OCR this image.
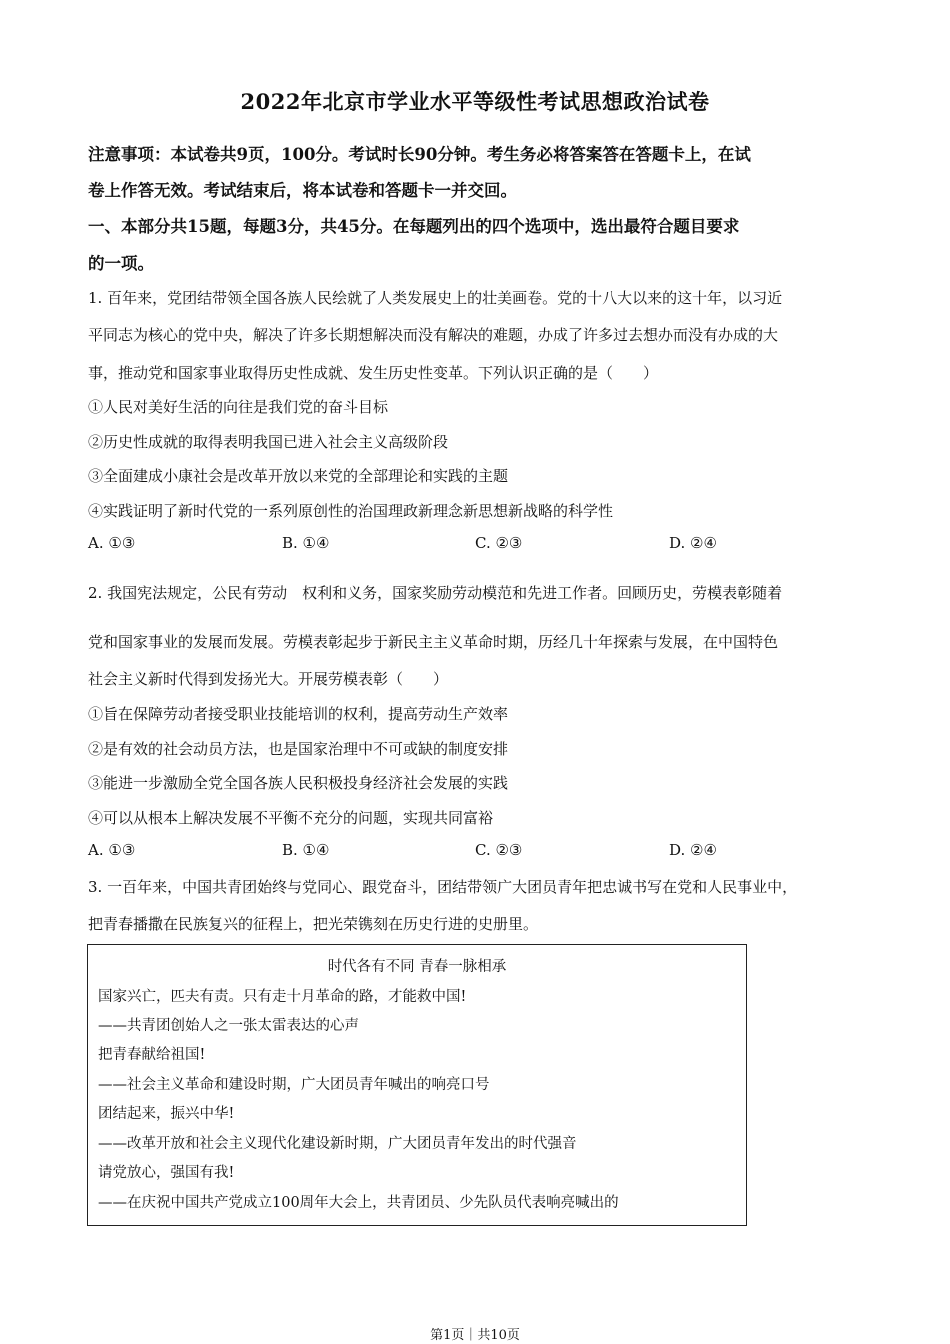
2022年北京市学业水平等级性考试思想政治试卷
注意事项：本试卷共9页，100分。考试时长90分钟。考生务必将答案答在答题卡上，在试
卷上作答无效。考试结束后，将本试卷和答题卡一并交回。
一、本部分共15题，每题3分，共45分。在每题列出的四个选项中，选出最符合题目要求
的一项。
1. 百年来，党团结带领全国各族人民绘就了人类发展史上的壮美画卷。党的十八大以来的这十年，以习近
平同志为核心的党中央，解决了许多长期想解决而没有解决的难题，办成了许多过去想办而没有办成的大
事，推动党和国家事业取得历史性成就、发生历史性变革。下列认识正确的是（　　）
①人民对美好生活的向往是我们党的奋斗目标
②历史性成就的取得表明我国已进入社会主义高级阶段
③全面建成小康社会是改革开放以来党的全部理论和实践的主题
④实践证明了新时代党的一系列原创性的治国理政新理念新思想新战略的科学性
A. ①③	B. ①④	C. ②③	D. ②④
2. 我国宪法规定，公民有劳动　权利和义务，国家奖励劳动模范和先进工作者。回顾历史，劳模表彰随着
党和国家事业的发展而发展。劳模表彰起步于新民主主义革命时期，历经几十年探索与发展，在中国特色
社会主义新时代得到发扬光大。开展劳模表彰（　　）
①旨在保障劳动者接受职业技能培训的权利，提高劳动生产效率
②是有效的社会动员方法，也是国家治理中不可或缺的制度安排
③能进一步激励全党全国各族人民积极投身经济社会发展的实践
④可以从根本上解决发展不平衡不充分的问题，实现共同富裕
A. ①③	B. ①④	C. ②③	D. ②④
3. 一百年来，中国共青团始终与党同心、跟党奋斗，团结带领广大团员青年把忠诚书写在党和人民事业中，
把青春播撒在民族复兴的征程上，把光荣镌刻在历史行进的史册里。
时代各有不同 青春一脉相承
国家兴亡，匹夫有责。只有走十月革命的路，才能救中国!
——共青团创始人之一张太雷表达的心声
把青春献给祖国!
——社会主义革命和建设时期，广大团员青年喊出的响亮口号
团结起来，振兴中华!
——改革开放和社会主义现代化建设新时期，广大团员青年发出的时代强音
请党放心，强国有我!
——在庆祝中国共产党成立100周年大会上，共青团员、少先队员代表响亮喊出的
第1页｜共10页
